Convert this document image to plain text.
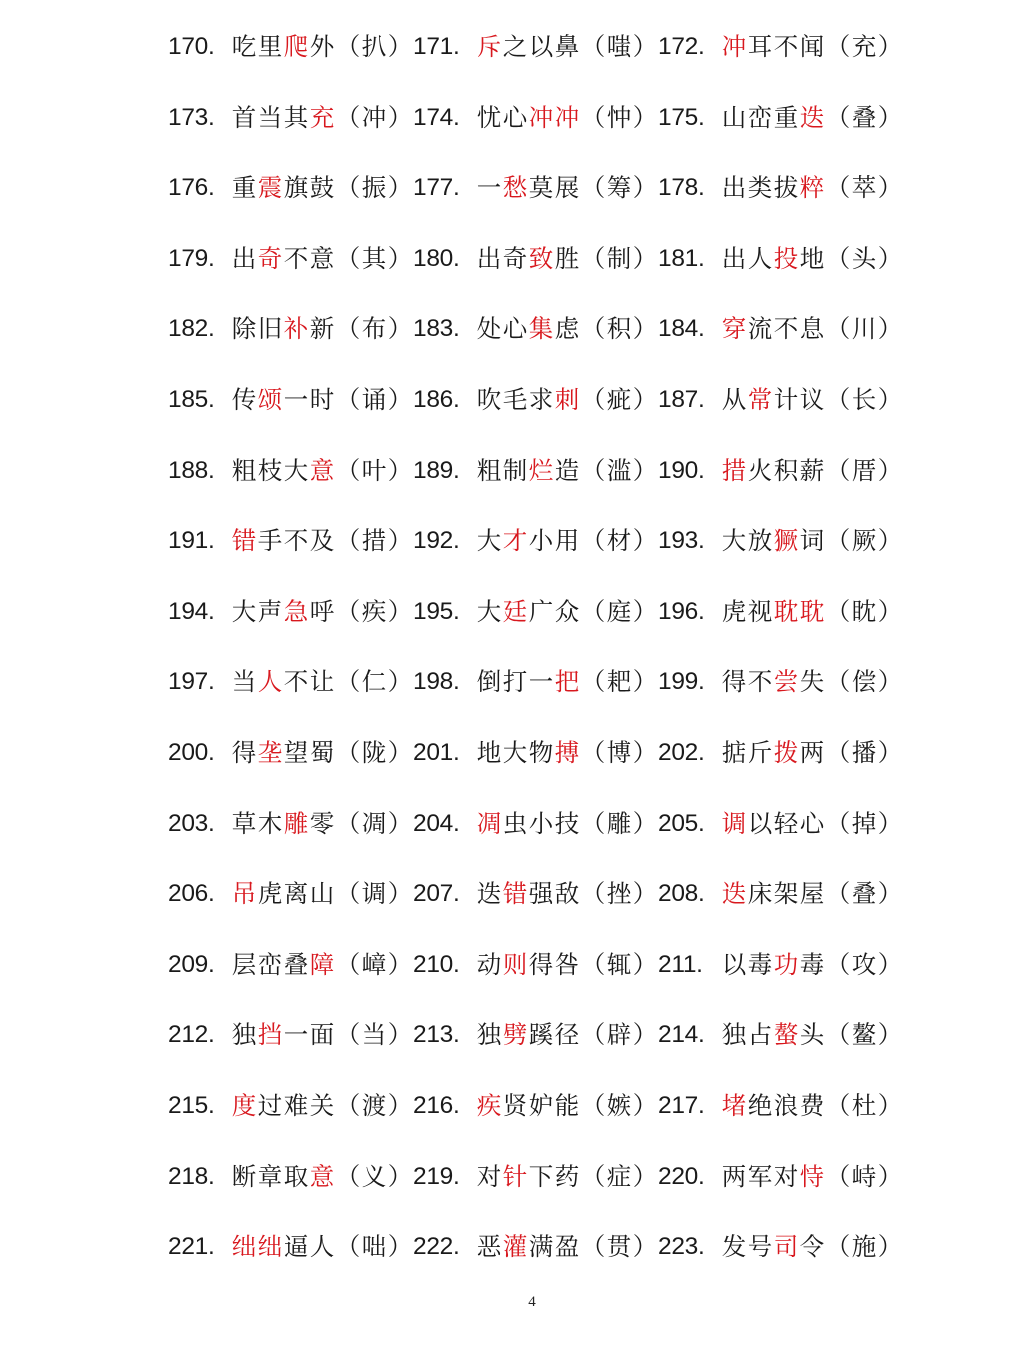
170. 吃 里 爬 外 （ 扒 ） 171. 斥 之 以 鼻 （ 嗤 ） 172. 冲 耳 不 闻 （ 充 ）
173. 首 当 其 充 （ 冲 ） 174. 忧 心 冲 冲 （ 忡 ） 175. 山 峦 重 迭 （ 叠 ）
176. 重 震 旗 鼓 （ 振 ） 177. 一 愁 莫 展 （ 筹 ） 178. 出 类 拔 粹 （ 萃 ）
179. 出 奇 不 意 （ 其 ） 180. 出 奇 致 胜 （ 制 ） 181. 出 人 投 地 （ 头 ）
182. 除 旧 补 新 （ 布 ） 183. 处 心 集 虑 （ 积 ） 184. 穿 流 不 息 （ 川 ）
185. 传 颂 一 时 （ 诵 ） 186. 吹 毛 求 刺 （ 疵 ） 187. 从 常 计 议 （ 长 ）
188. 粗 枝 大 意 （ 叶 ） 189. 粗 制 烂 造 （ 滥 ） 190. 措 火 积 薪 （ 厝 ）
191. 错 手 不 及 （ 措 ） 192. 大 才 小 用 （ 材 ） 193. 大 放 獗 词 （ 厥 ）
194. 大 声 急 呼 （ 疾 ） 195. 大 廷 广 众 （ 庭 ） 196. 虎 视 耽 耽 （ 眈 ）
197. 当 人 不 让 （ 仁 ） 198. 倒 打 一 把 （ 耙 ） 199. 得 不 尝 失 （ 偿 ）
200. 得 垄 望 蜀 （ 陇 ） 201. 地 大 物 搏 （ 博 ） 202. 掂 斤 拨 两 （ 播 ）
203. 草 木 雕 零 （ 凋 ） 204. 凋 虫 小 技 （ 雕 ） 205. 调 以 轻 心 （ 掉 ）
206. 吊 虎 离 山 （ 调 ） 207. 迭 错 强 敌 （ 挫 ） 208. 迭 床 架 屋 （ 叠 ）
209. 层 峦 叠 障 （ 嶂 ） 210. 动 则 得 咎 （ 辄 ） 211. 以 毒 功 毒 （ 攻 ）
212. 独 挡 一 面 （ 当 ） 213. 独 劈 蹊 径 （ 辟 ） 214. 独 占 螯 头 （ 鳌 ）
215. 度 过 难 关 （ 渡 ） 216. 疾 贤 妒 能 （ 嫉 ） 217. 堵 绝 浪 费 （ 杜 ）
218. 断 章 取 意 （ 义 ） 219. 对 针 下 药 （ 症 ） 220. 两 军 对 恃 （ 峙 ）
221. 绌 绌 逼 人 （ 咄 ） 222. 恶 灌 满 盈 （ 贯 ） 223. 发 号 司 令 （ 施 ）
4
